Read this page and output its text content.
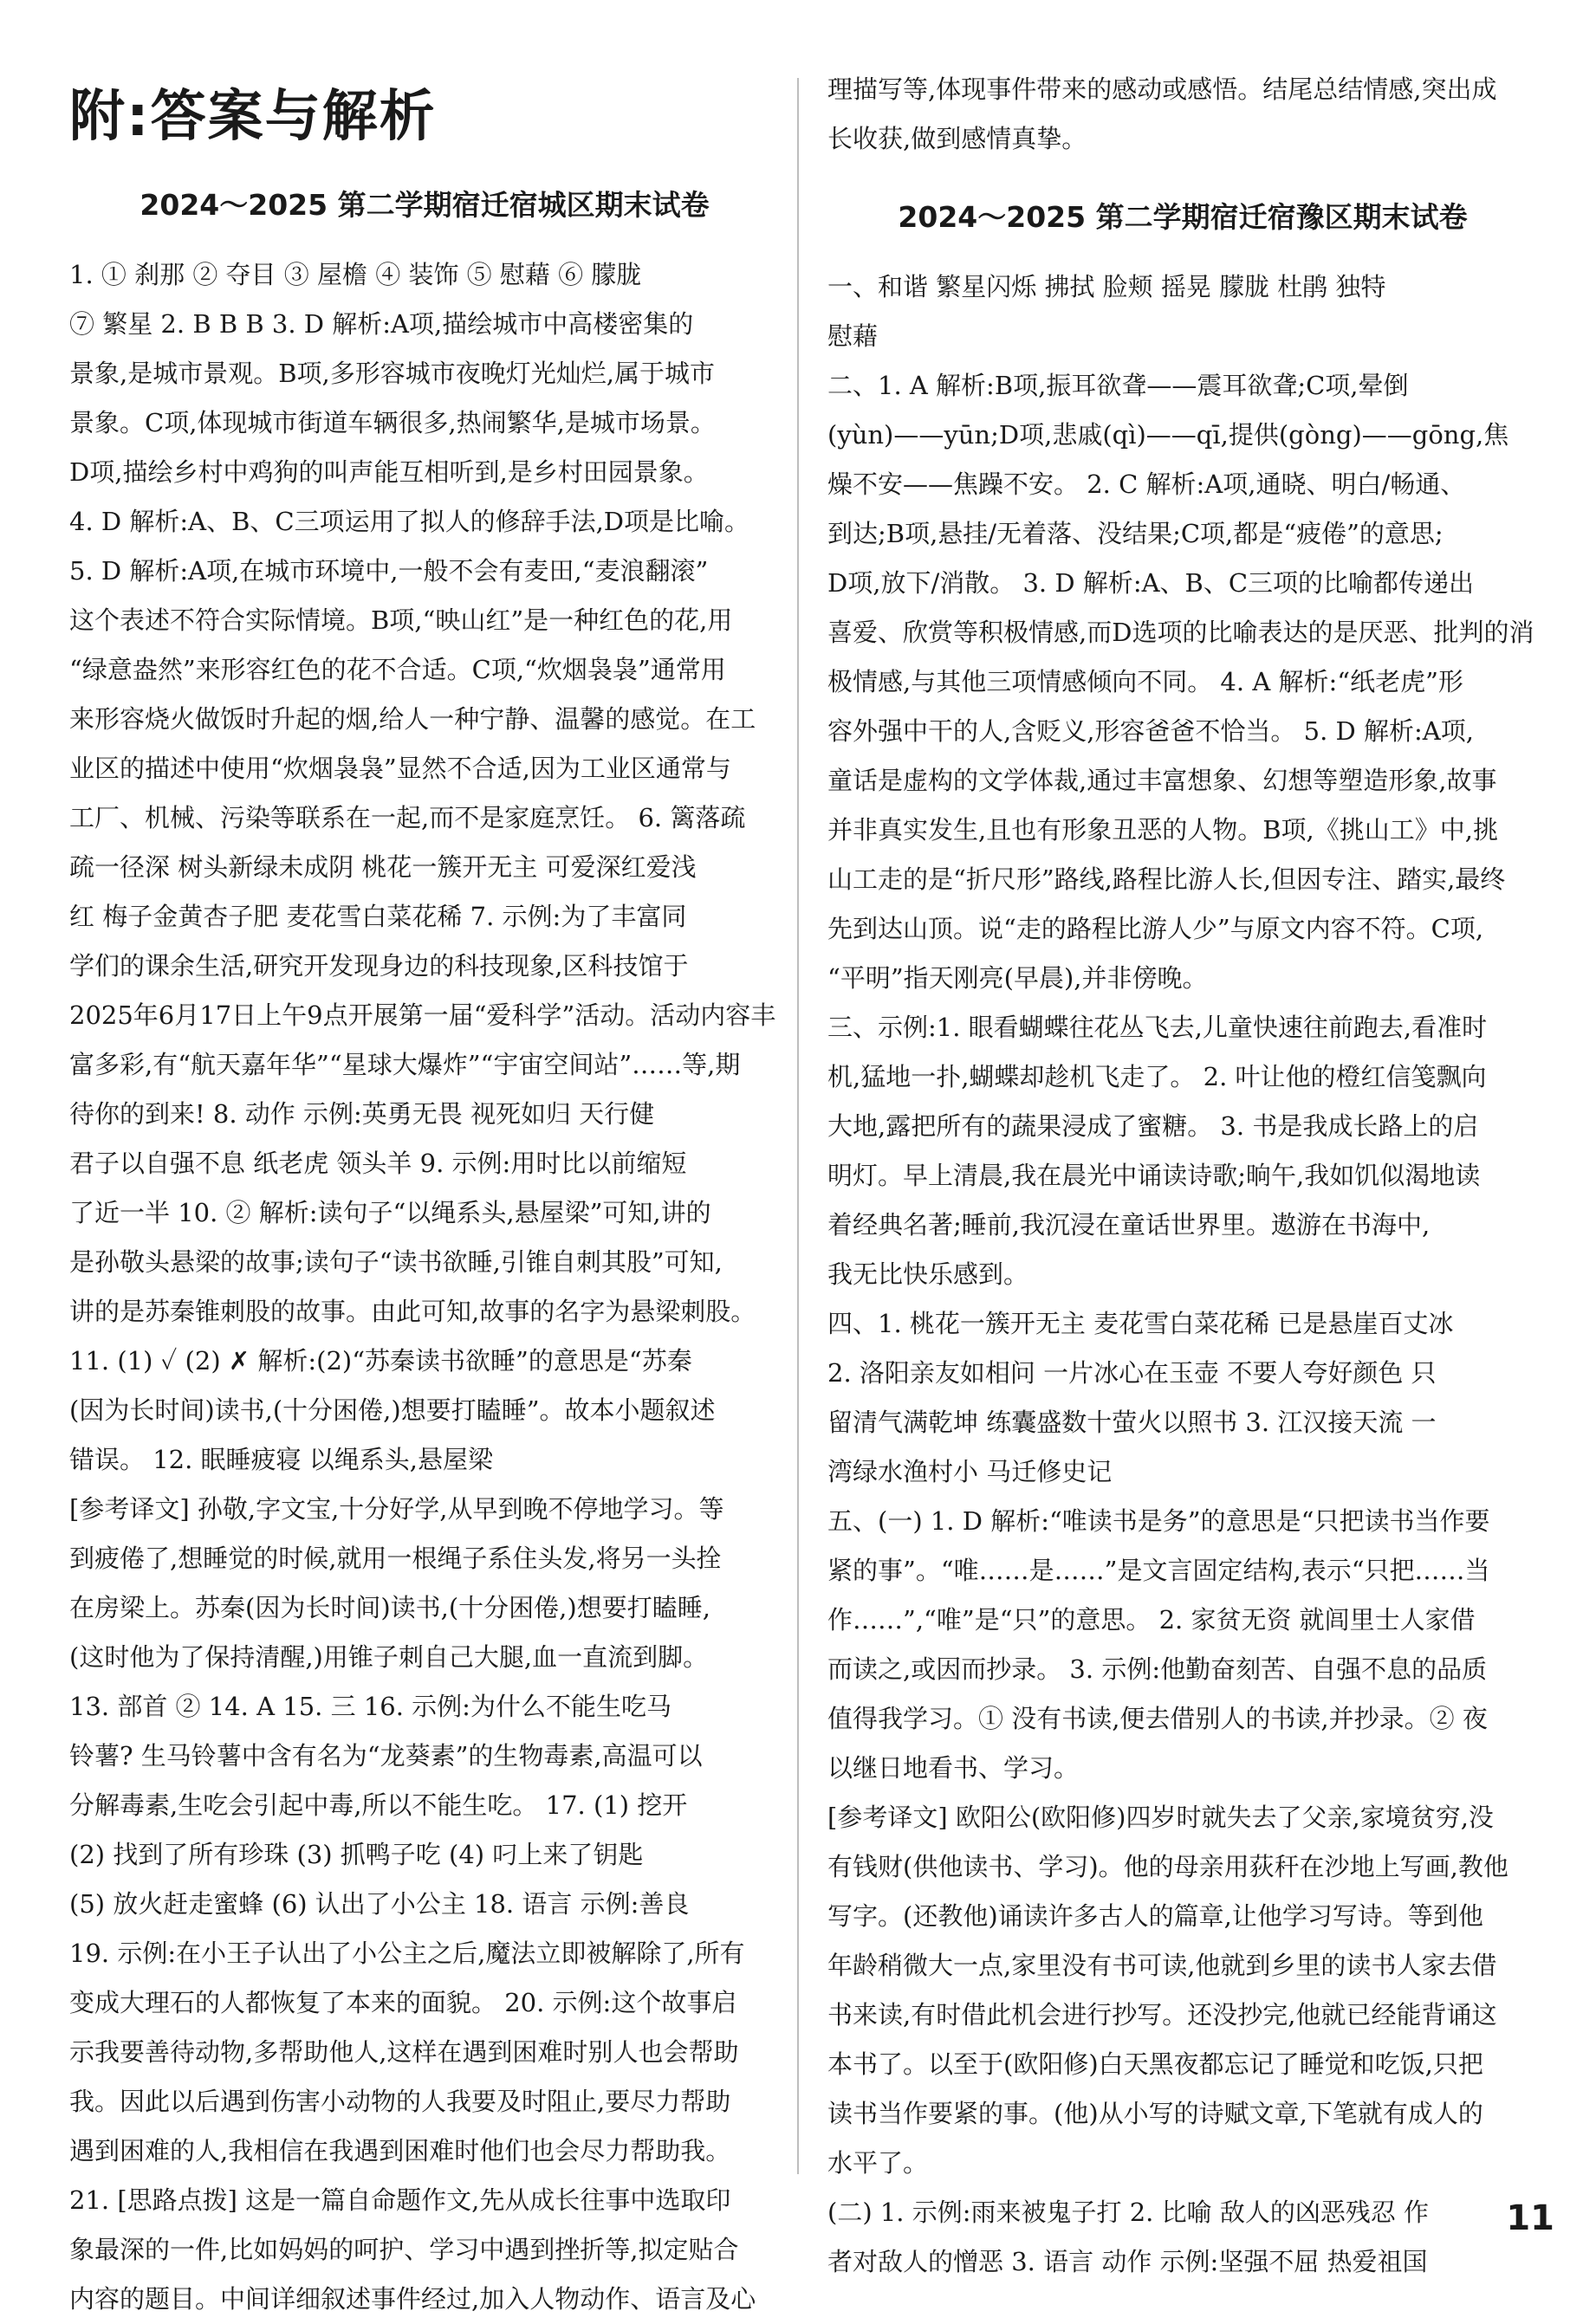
附:答案与解析
2024～2025 第二学期宿迁宿城区期末试卷
1. ① 刹那 ② 夺目 ③ 屋檐 ④ 装饰 ⑤ 慰藉 ⑥ 朦胧
⑦ 繁星 2. B B B 3. D 解析:A项,描绘城市中高楼密集的
景象,是城市景观。B项,多形容城市夜晚灯光灿烂,属于城市
景象。C项,体现城市街道车辆很多,热闹繁华,是城市场景。
D项,描绘乡村中鸡狗的叫声能互相听到,是乡村田园景象。
4. D 解析:A、B、C三项运用了拟人的修辞手法,D项是比喻。
5. D 解析:A项,在城市环境中,一般不会有麦田,“麦浪翻滚”
这个表述不符合实际情境。B项,“映山红”是一种红色的花,用
“绿意盎然”来形容红色的花不合适。C项,“炊烟袅袅”通常用
来形容烧火做饭时升起的烟,给人一种宁静、温馨的感觉。在工
业区的描述中使用“炊烟袅袅”显然不合适,因为工业区通常与
工厂、机械、污染等联系在一起,而不是家庭烹饪。 6. 篱落疏
疏一径深 树头新绿未成阴 桃花一簇开无主 可爱深红爱浅
红 梅子金黄杏子肥 麦花雪白菜花稀 7. 示例:为了丰富同
学们的课余生活,研究开发现身边的科技现象,区科技馆于
2025年6月17日上午9点开展第一届“爱科学”活动。活动内容丰
富多彩,有“航天嘉年华”“星球大爆炸”“宇宙空间站”……等,期
待你的到来! 8. 动作 示例:英勇无畏 视死如归 天行健
君子以自强不息 纸老虎 领头羊 9. 示例:用时比以前缩短
了近一半 10. ② 解析:读句子“以绳系头,悬屋梁”可知,讲的
是孙敬头悬梁的故事;读句子“读书欲睡,引锥自刺其股”可知,
讲的是苏秦锥刺股的故事。由此可知,故事的名字为悬梁刺股。
11. (1) ✓ (2) ✗ 解析:(2)“苏秦读书欲睡”的意思是“苏秦
(因为长时间)读书,(十分困倦,)想要打瞌睡”。故本小题叙述
错误。 12. 眠睡疲寝 以绳系头,悬屋梁
[参考译文] 孙敬,字文宝,十分好学,从早到晚不停地学习。等
到疲倦了,想睡觉的时候,就用一根绳子系住头发,将另一头拴
在房梁上。苏秦(因为长时间)读书,(十分困倦,)想要打瞌睡,
(这时他为了保持清醒,)用锥子刺自己大腿,血一直流到脚。
13. 部首 ② 14. A 15. 三 16. 示例:为什么不能生吃马
铃薯? 生马铃薯中含有名为“龙葵素”的生物毒素,高温可以
分解毒素,生吃会引起中毒,所以不能生吃。 17. (1) 挖开
(2) 找到了所有珍珠 (3) 抓鸭子吃 (4) 叼上来了钥匙
(5) 放火赶走蜜蜂 (6) 认出了小公主 18. 语言 示例:善良
19. 示例:在小王子认出了小公主之后,魔法立即被解除了,所有
变成大理石的人都恢复了本来的面貌。 20. 示例:这个故事启
示我要善待动物,多帮助他人,这样在遇到困难时别人也会帮助
我。因此以后遇到伤害小动物的人我要及时阻止,要尽力帮助
遇到困难的人,我相信在我遇到困难时他们也会尽力帮助我。
21. [思路点拨] 这是一篇自命题作文,先从成长往事中选取印
象最深的一件,比如妈妈的呵护、学习中遇到挫折等,拟定贴合
内容的题目。中间详细叙述事件经过,加入人物动作、语言及心
理描写等,体现事件带来的感动或感悟。结尾总结情感,突出成
长收获,做到感情真挚。
2024～2025 第二学期宿迁宿豫区期末试卷
一、和谐 繁星闪烁 拂拭 脸颊 摇晃 朦胧 杜鹃 独特
慰藉
二、1. A 解析:B项,振耳欲聋——震耳欲聋;C项,晕倒
(yùn)——yūn;D项,悲戚(qì)——qī,提供(gòng)——gōng,焦
燥不安——焦躁不安。 2. C 解析:A项,通晓、明白/畅通、
到达;B项,悬挂/无着落、没结果;C项,都是“疲倦”的意思;
D项,放下/消散。 3. D 解析:A、B、C三项的比喻都传递出
喜爱、欣赏等积极情感,而D选项的比喻表达的是厌恶、批判的消
极情感,与其他三项情感倾向不同。 4. A 解析:“纸老虎”形
容外强中干的人,含贬义,形容爸爸不恰当。 5. D 解析:A项,
童话是虚构的文学体裁,通过丰富想象、幻想等塑造形象,故事
并非真实发生,且也有形象丑恶的人物。B项,《挑山工》中,挑
山工走的是“折尺形”路线,路程比游人长,但因专注、踏实,最终
先到达山顶。说“走的路程比游人少”与原文内容不符。C项,
“平明”指天刚亮(早晨),并非傍晚。
三、示例:1. 眼看蝴蝶往花丛飞去,儿童快速往前跑去,看准时
机,猛地一扑,蝴蝶却趁机飞走了。 2. 叶让他的橙红信笺飘向
大地,露把所有的蔬果浸成了蜜糖。 3. 书是我成长路上的启
明灯。早上清晨,我在晨光中诵读诗歌;晌午,我如饥似渴地读
着经典名著;睡前,我沉浸在童话世界里。遨游在书海中,
我无比快乐感到。
四、1. 桃花一簇开无主 麦花雪白菜花稀 已是悬崖百丈冰
2. 洛阳亲友如相问 一片冰心在玉壶 不要人夸好颜色 只
留清气满乾坤 练囊盛数十萤火以照书 3. 江汉接天流 一
湾绿水渔村小 马迁修史记
五、(一) 1. D 解析:“唯读书是务”的意思是“只把读书当作要
紧的事”。“唯……是……”是文言固定结构,表示“只把……当
作……”,“唯”是“只”的意思。 2. 家贫无资 就闾里士人家借
而读之,或因而抄录。 3. 示例:他勤奋刻苦、自强不息的品质
值得我学习。① 没有书读,便去借别人的书读,并抄录。② 夜
以继日地看书、学习。
[参考译文] 欧阳公(欧阳修)四岁时就失去了父亲,家境贫穷,没
有钱财(供他读书、学习)。他的母亲用荻秆在沙地上写画,教他
写字。(还教他)诵读许多古人的篇章,让他学习写诗。等到他
年龄稍微大一点,家里没有书可读,他就到乡里的读书人家去借
书来读,有时借此机会进行抄写。还没抄完,他就已经能背诵这
本书了。以至于(欧阳修)白天黑夜都忘记了睡觉和吃饭,只把
读书当作要紧的事。(他)从小写的诗赋文章,下笔就有成人的
水平了。
(二) 1. 示例:雨来被鬼子打 2. 比喻 敌人的凶恶残忍 作
者对敌人的憎恶 3. 语言 动作 示例:坚强不屈 热爱祖国
11
